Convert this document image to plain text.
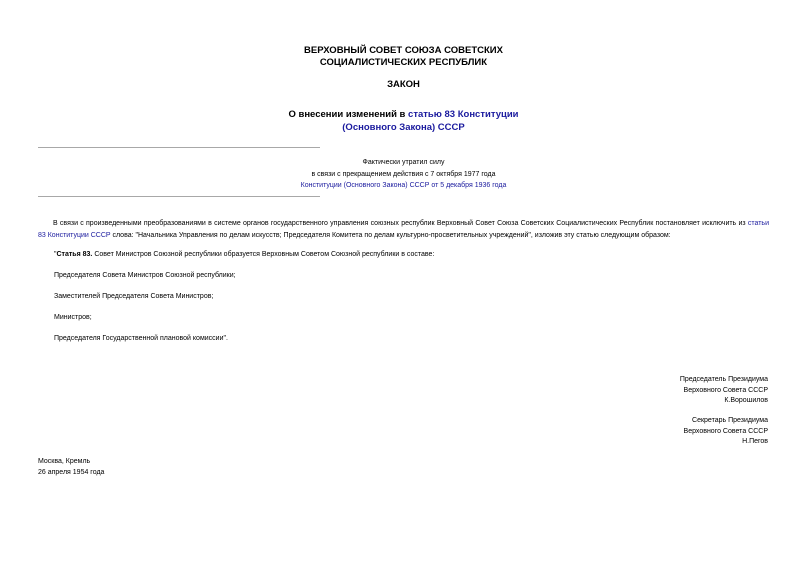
ВЕРХОВНЫЙ СОВЕТ СОЮЗА СОВЕТСКИХ
СОЦИАЛИСТИЧЕСКИХ РЕСПУБЛИК
ЗАКОН
О внесении изменений в статью 83 Конституции
(Основного Закона) СССР
Фактически утратил силу
в связи с прекращением действия с 7 октября 1977 года
Конституции (Основного Закона) СССР от 5 декабря 1936 года
В связи с произведенными преобразованиями в системе органов государственного управления союзных республик Верховный Совет Союза Советских Социалистических Республик постановляет исключить из статьи 83 Конституции СССР слова: "Начальника Управления по делам искусств; Председателя Комитета по делам культурно-просветительных учреждений", изложив эту статью следующим образом:
"Статья 83. Совет Министров Союзной республики образуется Верховным Советом Союзной республики в составе:
Председателя Совета Министров Союзной республики;
Заместителей Председателя Совета Министров;
Министров;
Председателя Государственной плановой комиссии".
Председатель Президиума
Верховного Совета СССР
К.Ворошилов
Секретарь Президиума
Верховного Совета СССР
Н.Пегов
Москва, Кремль
26 апреля 1954 года
